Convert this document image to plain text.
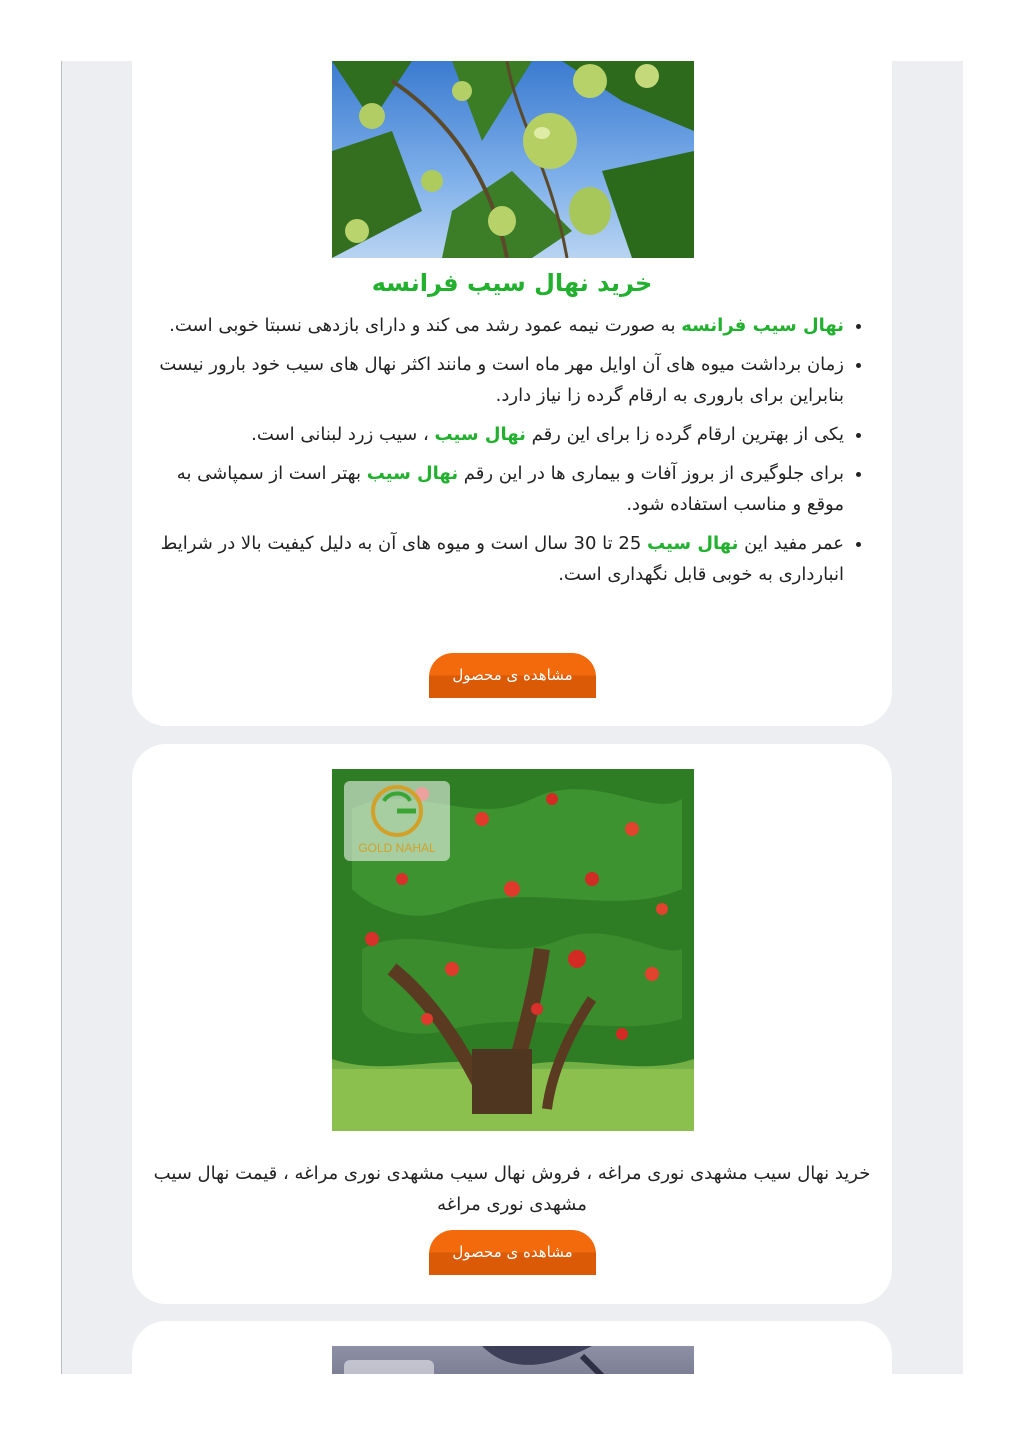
خرید نهال سیب فرانسه
• نهال سیب فرانسه به صورت نیمه عمود رشد می کند و دارای بازدهی نسبتا خوبی است.
• زمان برداشت میوه های آن اوایل مهر ماه است و مانند اکثر نهال های سیب خود بارور نیست بنابراین برای باروری به ارقام گرده زا نیاز دارد.
• یکی از بهترین ارقام گرده زا برای این رقم نهال سیب ، سیب زرد لبنانی است.
• برای جلوگیری از بروز آفات و بیماری ها در این رقم نهال سیب بهتر است از سمپاشی به موقع و مناسب استفاده شود.
• عمر مفید این نهال سیب 25 تا 30 سال است و میوه های آن به دلیل کیفیت بالا در شرایط انبارداری به خوبی قابل نگهداری است.
مشاهده ی محصول
GOLD NAHAL

خرید نهال سیب مشهدی نوری مراغه ، فروش نهال سیب مشهدی نوری مراغه ، قیمت نهال سیب مشهدی نوری مراغه

مشاهده ی محصول
